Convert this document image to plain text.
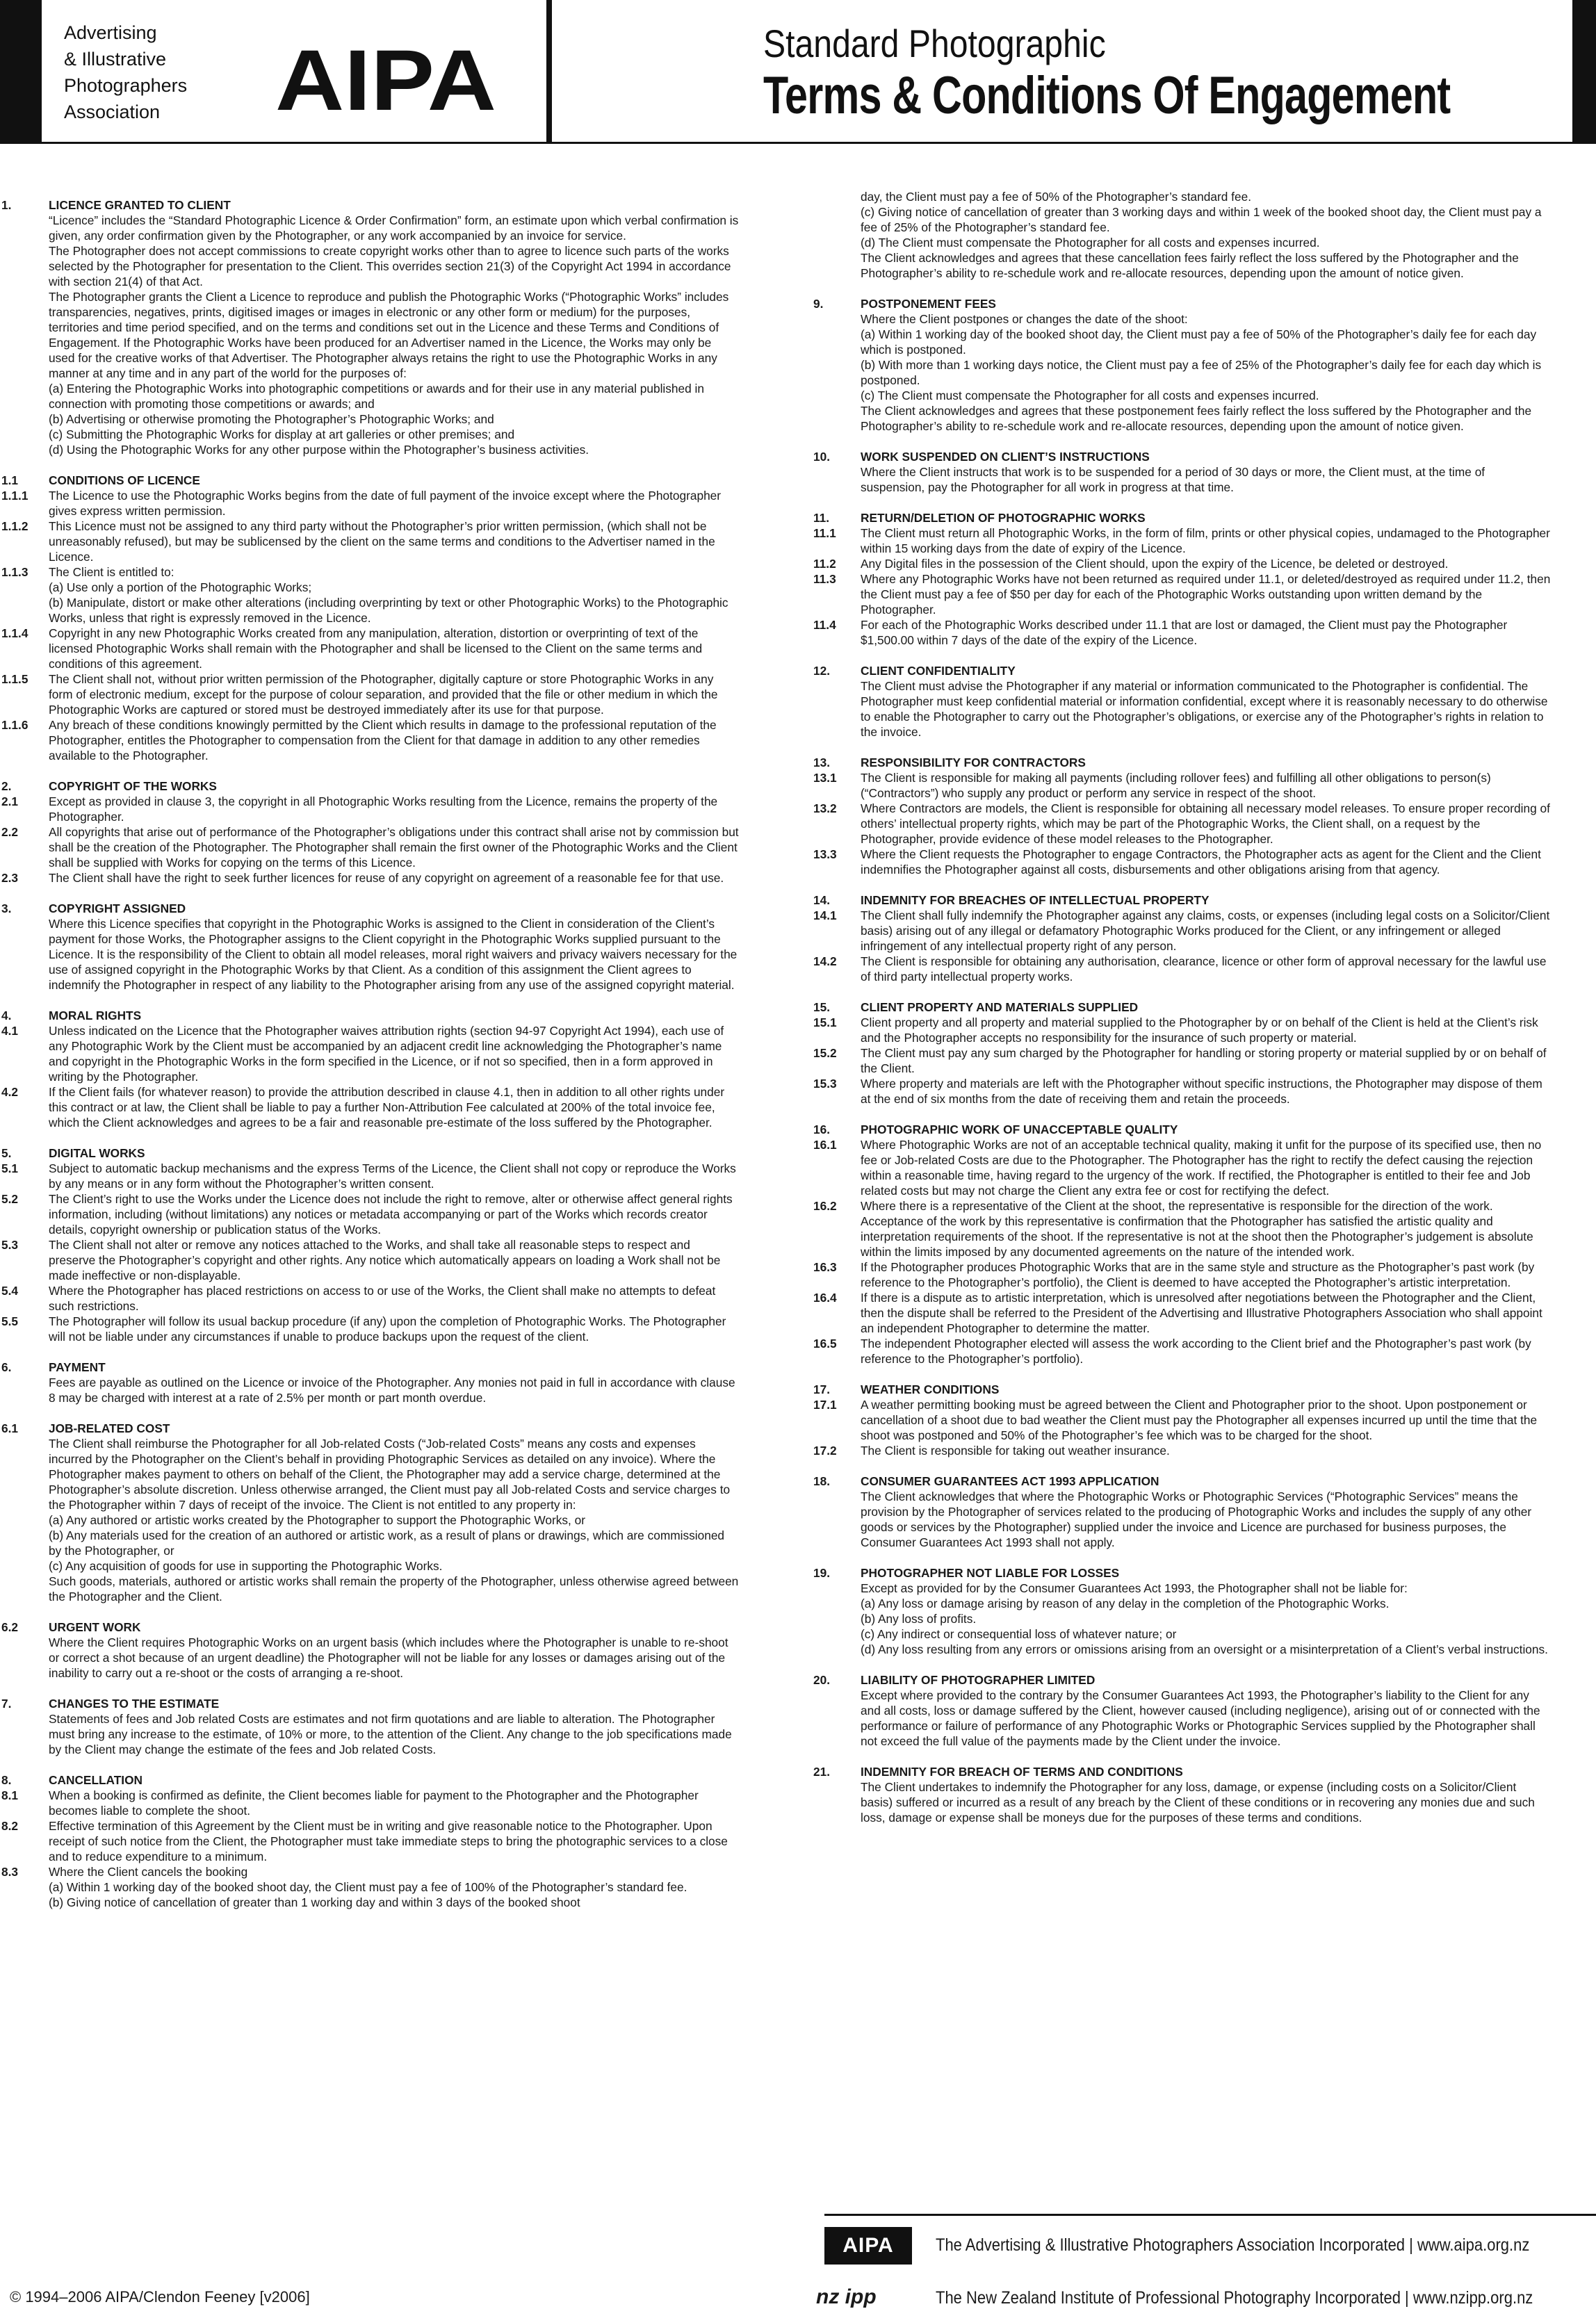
Advertising
& Illustrative
Photographers
Association	AIPA	Standard Photographic
Terms & Conditions Of Engagement
1.	LICENCE GRANTED TO CLIENT
“Licence” includes the “Standard Photographic Licence & Order Confirmation” form, an estimate upon which verbal confirmation is given, any order confirmation given by the Photographer, or any work accompanied by an invoice for service.
The Photographer does not accept commissions to create copyright works other than to agree to licence such parts of the works selected by the Photographer for presentation to the Client. This overrides section 21(3) of the Copyright Act 1994 in accordance with section 21(4) of that Act.
The Photographer grants the Client a Licence to reproduce and publish the Photographic Works (“Photographic Works” includes transparencies, negatives, prints, digitised images or images in electronic or any other form or medium) for the purposes, territories and time period specified, and on the terms and conditions set out in the Licence and these Terms and Conditions of Engagement. If the Photographic Works have been produced for an Advertiser named in the Licence, the Works may only be used for the creative works of that Advertiser. The Photographer always retains the right to use the Photographic Works in any manner at any time and in any part of the world for the purposes of:
(a) Entering the Photographic Works into photographic competitions or awards and for their use in any material published in connection with promoting those competitions or awards; and
(b) Advertising or otherwise promoting the Photographer’s Photographic Works; and
(c) Submitting the Photographic Works for display at art galleries or other premises; and
(d) Using the Photographic Works for any other purpose within the Photographer’s business activities.
1.1	CONDITIONS OF LICENCE
1.1.1	The Licence to use the Photographic Works begins from the date of full payment of the invoice except where the Photographer gives express written permission.
1.1.2	This Licence must not be assigned to any third party without the Photographer’s prior written permission, (which shall not be unreasonably refused), but may be sublicensed by the client on the same terms and conditions to the Advertiser named in the Licence.
1.1.3	The Client is entitled to:
(a) Use only a portion of the Photographic Works;
(b) Manipulate, distort or make other alterations (including overprinting by text or other Photographic Works) to the Photographic Works, unless that right is expressly removed in the Licence.
1.1.4	Copyright in any new Photographic Works created from any manipulation, alteration, distortion or overprinting of text of the licensed Photographic Works shall remain with the Photographer and shall be licensed to the Client on the same terms and conditions of this agreement.
1.1.5	The Client shall not, without prior written permission of the Photographer, digitally capture or store Photographic Works in any form of electronic medium, except for the purpose of colour separation, and provided that the file or other medium in which the Photographic Works are captured or stored must be destroyed immediately after its use for that purpose.
1.1.6	Any breach of these conditions knowingly permitted by the Client which results in damage to the professional reputation of the Photographer, entitles the Photographer to compensation from the Client for that damage in addition to any other remedies available to the Photographer.
2.	COPYRIGHT OF THE WORKS
2.1	Except as provided in clause 3, the copyright in all Photographic Works resulting from the Licence, remains the property of the Photographer.
2.2	All copyrights that arise out of performance of the Photographer’s obligations under this contract shall arise not by commission but shall be the creation of the Photographer. The Photographer shall remain the first owner of the Photographic Works and the Client shall be supplied with Works for copying on the terms of this Licence.
2.3	The Client shall have the right to seek further licences for reuse of any copyright on agreement of a reasonable fee for that use.
3.	COPYRIGHT ASSIGNED
Where this Licence specifies that copyright in the Photographic Works is assigned to the Client in consideration of the Client’s payment for those Works, the Photographer assigns to the Client copyright in the Photographic Works supplied pursuant to the Licence. It is the responsibility of the Client to obtain all model releases, moral right waivers and privacy waivers necessary for the use of assigned copyright in the Photographic Works by that Client. As a condition of this assignment the Client agrees to indemnify the Photographer in respect of any liability to the Photographer arising from any use of the assigned copyright material.
4.	MORAL RIGHTS
4.1	Unless indicated on the Licence that the Photographer waives attribution rights (section 94-97 Copyright Act 1994), each use of any Photographic Work by the Client must be accompanied by an adjacent credit line acknowledging the Photographer’s name and copyright in the Photographic Works in the form specified in the Licence, or if not so specified, then in a form approved in writing by the Photographer.
4.2	If the Client fails (for whatever reason) to provide the attribution described in clause 4.1, then in addition to all other rights under this contract or at law, the Client shall be liable to pay a further Non-Attribution Fee calculated at 200% of the total invoice fee, which the Client acknowledges and agrees to be a fair and reasonable pre-estimate of the loss suffered by the Photographer.
5.	DIGITAL WORKS
5.1	Subject to automatic backup mechanisms and the express Terms of the Licence, the Client shall not copy or reproduce the Works by any means or in any form without the Photographer’s written consent.
5.2	The Client’s right to use the Works under the Licence does not include the right to remove, alter or otherwise affect general rights information, including (without limitations) any notices or metadata accompanying or part of the Works which records creator details, copyright ownership or publication status of the Works.
5.3	The Client shall not alter or remove any notices attached to the Works, and shall take all reasonable steps to respect and preserve the Photographer’s copyright and other rights. Any notice which automatically appears on loading a Work shall not be made ineffective or non-displayable.
5.4	Where the Photographer has placed restrictions on access to or use of the Works, the Client shall make no attempts to defeat such restrictions.
5.5	The Photographer will follow its usual backup procedure (if any) upon the completion of Photographic Works. The Photographer will not be liable under any circumstances if unable to produce backups upon the request of the client.
6.	PAYMENT
Fees are payable as outlined on the Licence or invoice of the Photographer. Any monies not paid in full in accordance with clause 8 may be charged with interest at a rate of 2.5% per month or part month overdue.
6.1	JOB-RELATED COST
The Client shall reimburse the Photographer for all Job-related Costs (“Job-related Costs” means any costs and expenses incurred by the Photographer on the Client’s behalf in providing Photographic Services as detailed on any invoice). Where the Photographer makes payment to others on behalf of the Client, the Photographer may add a service charge, determined at the Photographer’s absolute discretion. Unless otherwise arranged, the Client must pay all Job-related Costs and service charges to the Photographer within 7 days of receipt of the invoice. The Client is not entitled to any property in:
(a) Any authored or artistic works created by the Photographer to support the Photographic Works, or
(b) Any materials used for the creation of an authored or artistic work, as a result of plans or drawings, which are commissioned by the Photographer, or
(c) Any acquisition of goods for use in supporting the Photographic Works.
Such goods, materials, authored or artistic works shall remain the property of the Photographer, unless otherwise agreed between the Photographer and the Client.
6.2	URGENT WORK
Where the Client requires Photographic Works on an urgent basis (which includes where the Photographer is unable to re-shoot or correct a shot because of an urgent deadline) the Photographer will not be liable for any losses or damages arising out of the inability to carry out a re-shoot or the costs of arranging a re-shoot.
7.	CHANGES TO THE ESTIMATE
Statements of fees and Job related Costs are estimates and not firm quotations and are liable to alteration. The Photographer must bring any increase to the estimate, of 10% or more, to the attention of the Client. Any change to the job specifications made by the Client may change the estimate of the fees and Job related Costs.
8.	CANCELLATION
8.1	When a booking is confirmed as definite, the Client becomes liable for payment to the Photographer and the Photographer becomes liable to complete the shoot.
8.2	Effective termination of this Agreement by the Client must be in writing and give reasonable notice to the Photographer. Upon receipt of such notice from the Client, the Photographer must take immediate steps to bring the photographic services to a close and to reduce expenditure to a minimum.
8.3	Where the Client cancels the booking
(a) Within 1 working day of the booked shoot day, the Client must pay a fee of 100% of the Photographer’s standard fee.
(b) Giving notice of cancellation of greater than 1 working day and within 3 days of the booked shoot
day, the Client must pay a fee of 50% of the Photographer’s standard fee.
(c) Giving notice of cancellation of greater than 3 working days and within 1 week of the booked shoot day, the Client must pay a fee of 25% of the Photographer’s standard fee.
(d) The Client must compensate the Photographer for all costs and expenses incurred.
The Client acknowledges and agrees that these cancellation fees fairly reflect the loss suffered by the Photographer and the Photographer’s ability to re-schedule work and re-allocate resources, depending upon the amount of notice given.
9.	POSTPONEMENT FEES
Where the Client postpones or changes the date of the shoot:
(a) Within 1 working day of the booked shoot day, the Client must pay a fee of 50% of the Photographer’s daily fee for each day which is postponed.
(b) With more than 1 working days notice, the Client must pay a fee of 25% of the Photographer’s daily fee for each day which is postponed.
(c) The Client must compensate the Photographer for all costs and expenses incurred.
The Client acknowledges and agrees that these postponement fees fairly reflect the loss suffered by the Photographer and the Photographer’s ability to re-schedule work and re-allocate resources, depending upon the amount of notice given.
10.	WORK SUSPENDED ON CLIENT’S INSTRUCTIONS
Where the Client instructs that work is to be suspended for a period of 30 days or more, the Client must, at the time of suspension, pay the Photographer for all work in progress at that time.
11.	RETURN/DELETION OF PHOTOGRAPHIC WORKS
11.1	The Client must return all Photographic Works, in the form of film, prints or other physical copies, undamaged to the Photographer within 15 working days from the date of expiry of the Licence.
11.2	Any Digital files in the possession of the Client should, upon the expiry of the Licence, be deleted or destroyed.
11.3	Where any Photographic Works have not been returned as required under 11.1, or deleted/destroyed as required under 11.2, then the Client must pay a fee of $50 per day for each of the Photographic Works outstanding upon written demand by the Photographer.
11.4	For each of the Photographic Works described under 11.1 that are lost or damaged, the Client must pay the Photographer $1,500.00 within 7 days of the date of the expiry of the Licence.
12.	CLIENT CONFIDENTIALITY
The Client must advise the Photographer if any material or information communicated to the Photographer is confidential. The Photographer must keep confidential material or information confidential, except where it is reasonably necessary to do otherwise to enable the Photographer to carry out the Photographer’s obligations, or exercise any of the Photographer’s rights in relation to the invoice.
13.	RESPONSIBILITY FOR CONTRACTORS
13.1	The Client is responsible for making all payments (including rollover fees) and fulfilling all other obligations to person(s) (“Contractors”) who supply any product or perform any service in respect of the shoot.
13.2	Where Contractors are models, the Client is responsible for obtaining all necessary model releases. To ensure proper recording of others’ intellectual property rights, which may be part of the Photographic Works, the Client shall, on a request by the Photographer, provide evidence of these model releases to the Photographer.
13.3	Where the Client requests the Photographer to engage Contractors, the Photographer acts as agent for the Client and the Client indemnifies the Photographer against all costs, disbursements and other obligations arising from that agency.
14.	INDEMNITY FOR BREACHES OF INTELLECTUAL PROPERTY
14.1	The Client shall fully indemnify the Photographer against any claims, costs, or expenses (including legal costs on a Solicitor/Client basis) arising out of any illegal or defamatory Photographic Works produced for the Client, or any infringement or alleged infringement of any intellectual property right of any person.
14.2	The Client is responsible for obtaining any authorisation, clearance, licence or other form of approval necessary for the lawful use of third party intellectual property works.
15.	CLIENT PROPERTY AND MATERIALS SUPPLIED
15.1	Client property and all property and material supplied to the Photographer by or on behalf of the Client is held at the Client’s risk and the Photographer accepts no responsibility for the insurance of such property or material.
15.2	The Client must pay any sum charged by the Photographer for handling or storing property or material supplied by or on behalf of the Client.
15.3	Where property and materials are left with the Photographer without specific instructions, the Photographer may dispose of them at the end of six months from the date of receiving them and retain the proceeds.
16.	PHOTOGRAPHIC WORK OF UNACCEPTABLE QUALITY
16.1	Where Photographic Works are not of an acceptable technical quality, making it unfit for the purpose of its specified use, then no fee or Job-related Costs are due to the Photographer. The Photographer has the right to rectify the defect causing the rejection within a reasonable time, having regard to the urgency of the work. If rectified, the Photographer is entitled to their fee and Job related costs but may not charge the Client any extra fee or cost for rectifying the defect.
16.2	Where there is a representative of the Client at the shoot, the representative is responsible for the direction of the work. Acceptance of the work by this representative is confirmation that the Photographer has satisfied the artistic quality and interpretation requirements of the shoot. If the representative is not at the shoot then the Photographer’s judgement is absolute within the limits imposed by any documented agreements on the nature of the intended work.
16.3	If the Photographer produces Photographic Works that are in the same style and structure as the Photographer’s past work (by reference to the Photographer’s portfolio), the Client is deemed to have accepted the Photographer’s artistic interpretation.
16.4	If there is a dispute as to artistic interpretation, which is unresolved after negotiations between the Photographer and the Client, then the dispute shall be referred to the President of the Advertising and Illustrative Photographers Association who shall appoint an independent Photographer to determine the matter.
16.5	The independent Photographer elected will assess the work according to the Client brief and the Photographer’s past work (by reference to the Photographer’s portfolio).
17.	WEATHER CONDITIONS
17.1	A weather permitting booking must be agreed between the Client and Photographer prior to the shoot. Upon postponement or cancellation of a shoot due to bad weather the Client must pay the Photographer all expenses incurred up until the time that the shoot was postponed and 50% of the Photographer’s fee which was to be charged for the shoot.
17.2	The Client is responsible for taking out weather insurance.
18.	CONSUMER GUARANTEES ACT 1993 APPLICATION
The Client acknowledges that where the Photographic Works or Photographic Services (“Photographic Services” means the provision by the Photographer of services related to the producing of Photographic Works and includes the supply of any other goods or services by the Photographer) supplied under the invoice and Licence are purchased for business purposes, the Consumer Guarantees Act 1993 shall not apply.
19.	PHOTOGRAPHER NOT LIABLE FOR LOSSES
Except as provided for by the Consumer Guarantees Act 1993, the Photographer shall not be liable for:
(a) Any loss or damage arising by reason of any delay in the completion of the Photographic Works.
(b) Any loss of profits.
(c) Any indirect or consequential loss of whatever nature; or
(d) Any loss resulting from any errors or omissions arising from an oversight or a misinterpretation of a Client’s verbal instructions.
20.	LIABILITY OF PHOTOGRAPHER LIMITED
Except where provided to the contrary by the Consumer Guarantees Act 1993, the Photographer’s liability to the Client for any and all costs, loss or damage suffered by the Client, however caused (including negligence), arising out of or connected with the performance or failure of performance of any Photographic Works or Photographic Services supplied by the Photographer shall not exceed the full value of the payments made by the Client under the invoice.
21.	INDEMNITY FOR BREACH OF TERMS AND CONDITIONS
The Client undertakes to indemnify the Photographer for any loss, damage, or expense (including costs on a Solicitor/Client basis) suffered or incurred as a result of any breach by the Client of these conditions or in recovering any monies due and such loss, damage or expense shall be moneys due for the purposes of these terms and conditions.
AIPA	The Advertising & Illustrative Photographers Association Incorporated | www.aipa.org.nz
nz ipp	The New Zealand Institute of Professional Photography Incorporated | www.nzipp.org.nz
© 1994–2006 AIPA/Clendon Feeney [v2006]
